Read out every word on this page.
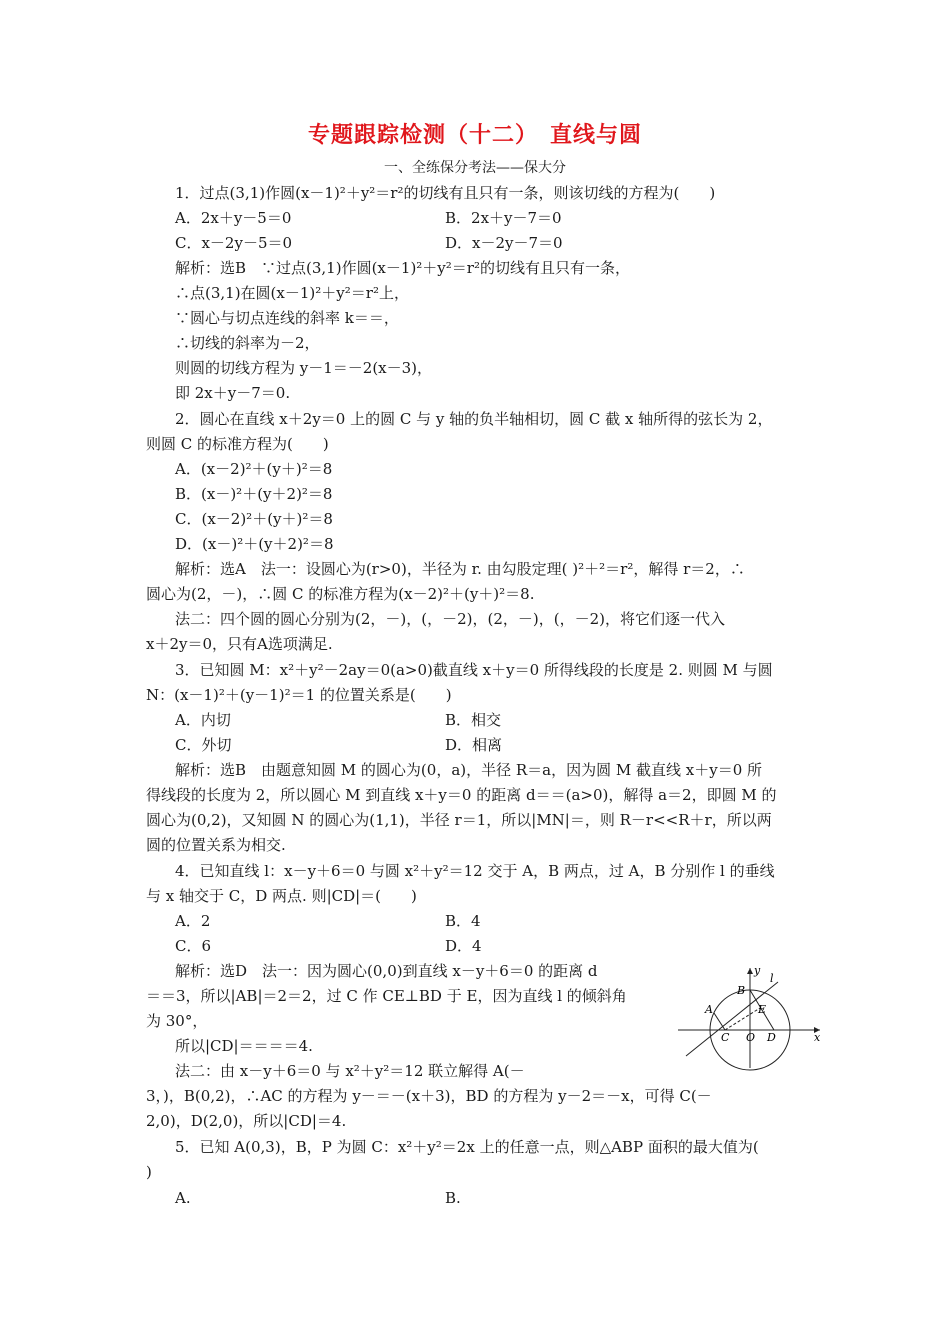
专题跟踪检测（十二）　直线与圆
一、全练保分考法——保大分
1．过点(3,1)作圆(x－1)²＋y²＝r²的切线有且只有一条，则该切线的方程为(　　)
A．2x＋y－5＝0	B．2x＋y－7＝0
C．x－2y－5＝0	D．x－2y－7＝0
解析：选B　∵过点(3,1)作圆(x－1)²＋y²＝r²的切线有且只有一条，
∴点(3,1)在圆(x－1)²＋y²＝r²上，
∵圆心与切点连线的斜率 k＝＝，
∴切线的斜率为－2，
则圆的切线方程为 y－1＝－2(x－3)，
即 2x＋y－7＝0.
2．圆心在直线 x＋2y＝0 上的圆 C 与 y 轴的负半轴相切，圆 C 截 x 轴所得的弦长为 2，
则圆 C 的标准方程为(　　)
A．(x－2)²＋(y＋)²＝8
B．(x－)²＋(y＋2)²＝8
C．(x－2)²＋(y＋)²＝8
D．(x－)²＋(y＋2)²＝8
解析：选A　法一：设圆心为(r>0)，半径为 r. 由勾股定理( )²＋²＝r²，解得 r＝2，∴
圆心为(2，－)，∴圆 C 的标准方程为(x－2)²＋(y＋)²＝8.
法二：四个圆的圆心分别为(2，－)，(，－2)，(2，－)，(，－2)，将它们逐一代入
x＋2y＝0，只有A选项满足.
3．已知圆 M：x²＋y²－2ay＝0(a>0)截直线 x＋y＝0 所得线段的长度是 2. 则圆 M 与圆
N：(x－1)²＋(y－1)²＝1 的位置关系是(　　)
A．内切	B．相交
C．外切	D．相离
解析：选B　由题意知圆 M 的圆心为(0，a)，半径 R＝a，因为圆 M 截直线 x＋y＝0 所
得线段的长度为 2，所以圆心 M 到直线 x＋y＝0 的距离 d＝＝(a>0)，解得 a＝2，即圆 M 的
圆心为(0,2)，又知圆 N 的圆心为(1,1)，半径 r＝1，所以|MN|＝，则 R－r<<R＋r，所以两
圆的位置关系为相交.
4．已知直线 l：x－y＋6＝0 与圆 x²＋y²＝12 交于 A，B 两点，过 A，B 分别作 l 的垂线
与 x 轴交于 C，D 两点. 则|CD|＝(　　)
A．2	B．4
C．6	D．4
解析：选D　法一：因为圆心(0,0)到直线 x－y＋6＝0 的距离 d
＝＝3，所以|AB|＝2＝2，过 C 作 CE⊥BD 于 E，因为直线 l 的倾斜角
为 30°，
所以|CD|＝＝＝＝4.
法二：由 x－y＋6＝0 与 x²＋y²＝12 联立解得 A(－
3，)，B(0,2)，∴AC 的方程为 y－＝－(x＋3)，BD 的方程为 y－2＝－x，可得 C(－
2,0)，D(2,0)，所以|CD|＝4.
y
l
B
A	E
C O D	x
5．已知 A(0,3)，B，P 为圆 C：x²＋y²＝2x 上的任意一点，则△ABP 面积的最大值为(
)
A.	B.
